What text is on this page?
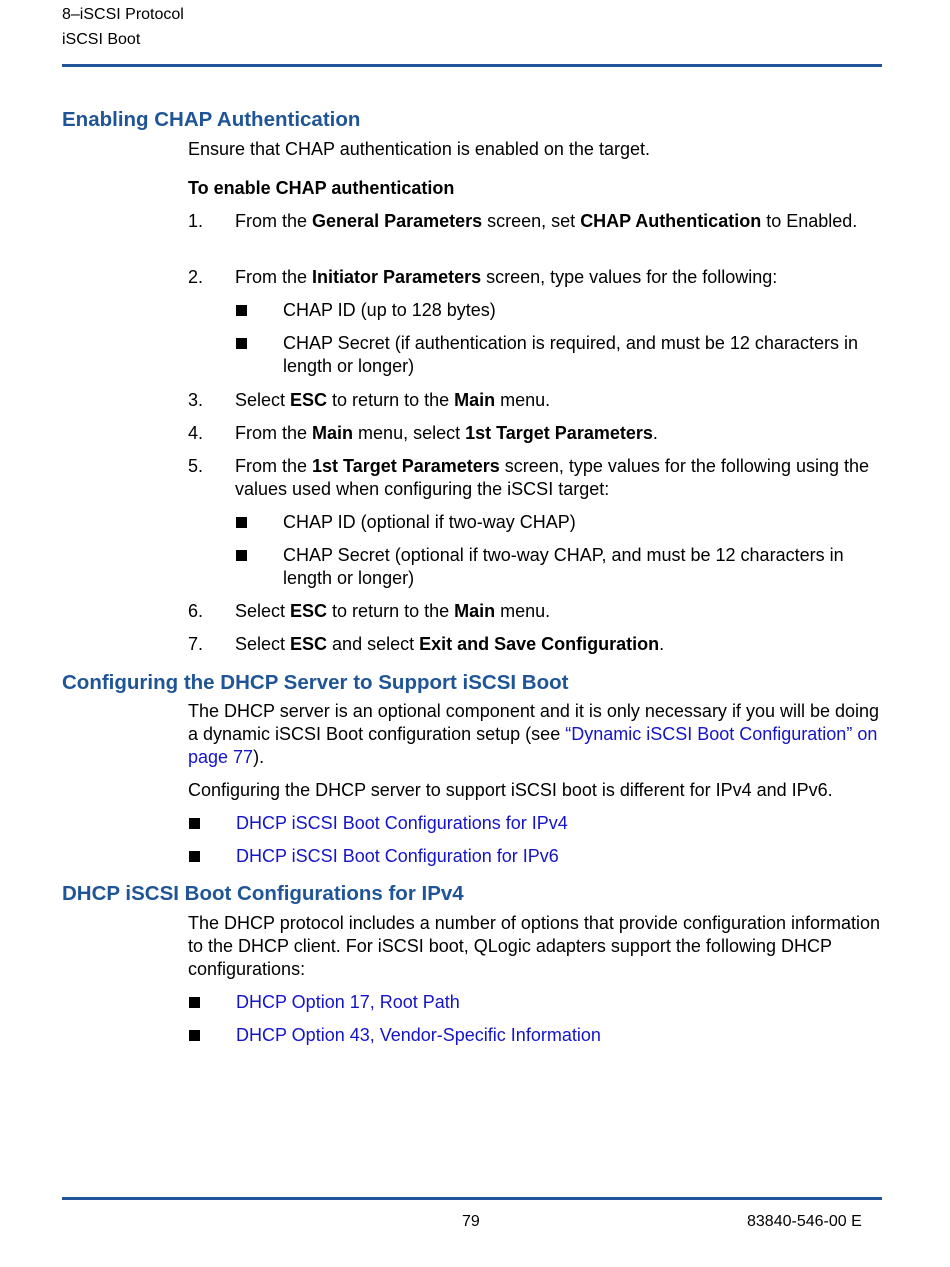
8–iSCSI Protocol
iSCSI Boot
Enabling CHAP Authentication

Ensure that CHAP authentication is enabled on the target.

To enable CHAP authentication

1. From the General Parameters screen, set CHAP Authentication to Enabled.
2. From the Initiator Parameters screen, type values for the following:
CHAP ID (up to 128 bytes)
CHAP Secret (if authentication is required, and must be 12 characters in length or longer)
3. Select ESC to return to the Main menu.
4. From the Main menu, select 1st Target Parameters.
5. From the 1st Target Parameters screen, type values for the following using the values used when configuring the iSCSI target:
CHAP ID (optional if two-way CHAP)
CHAP Secret (optional if two-way CHAP, and must be 12 characters in length or longer)
6. Select ESC to return to the Main menu.
7. Select ESC and select Exit and Save Configuration.
Configuring the DHCP Server to Support iSCSI Boot

The DHCP server is an optional component and it is only necessary if you will be doing a dynamic iSCSI Boot configuration setup (see “Dynamic iSCSI Boot Configuration” on page 77).

Configuring the DHCP server to support iSCSI boot is different for IPv4 and IPv6.

DHCP iSCSI Boot Configurations for IPv4
DHCP iSCSI Boot Configuration for IPv6
DHCP iSCSI Boot Configurations for IPv4

The DHCP protocol includes a number of options that provide configuration information to the DHCP client. For iSCSI boot, QLogic adapters support the following DHCP configurations:

DHCP Option 17, Root Path
DHCP Option 43, Vendor-Specific Information
79	83840-546-00 E
